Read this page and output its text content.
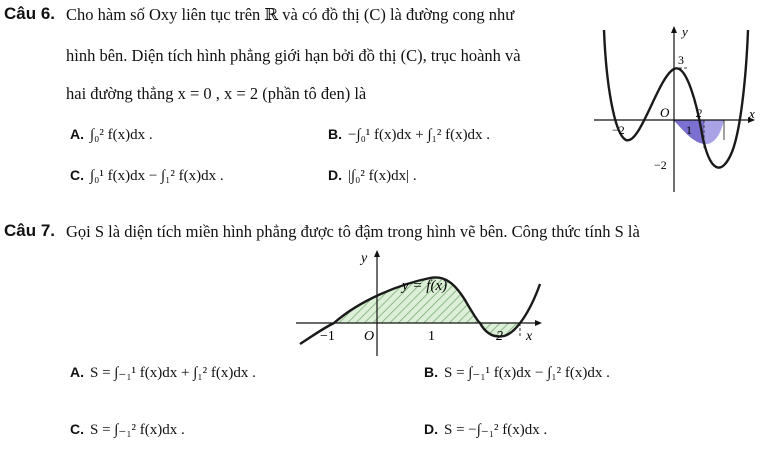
Câu 6. Cho hàm số Oxy liên tục trên ℝ và có đồ thị (C) là đường cong như
hình bên. Diện tích hình phẳng giới hạn bởi đồ thị (C), trục hoành và
hai đường thẳng x = 0 , x = 2 (phần tô đen) là
A. ∫₀² f(x)dx .	B. −∫₀¹ f(x)dx + ∫₁² f(x)dx .
C. ∫₀¹ f(x)dx − ∫₁² f(x)dx .	D. |∫₀² f(x)dx| .
y
x
O
3
2
−2	1
−2
Câu 7. Gọi S là diện tích miền hình phẳng được tô đậm trong hình vẽ bên. Công thức tính S là
y
x
O
y = f(x)
−1	1	2
A. S = ∫₋₁¹ f(x)dx + ∫₁² f(x)dx .	B. S = ∫₋₁¹ f(x)dx − ∫₁² f(x)dx .
C. S = ∫₋₁² f(x)dx .	D. S = −∫₋₁² f(x)dx .
